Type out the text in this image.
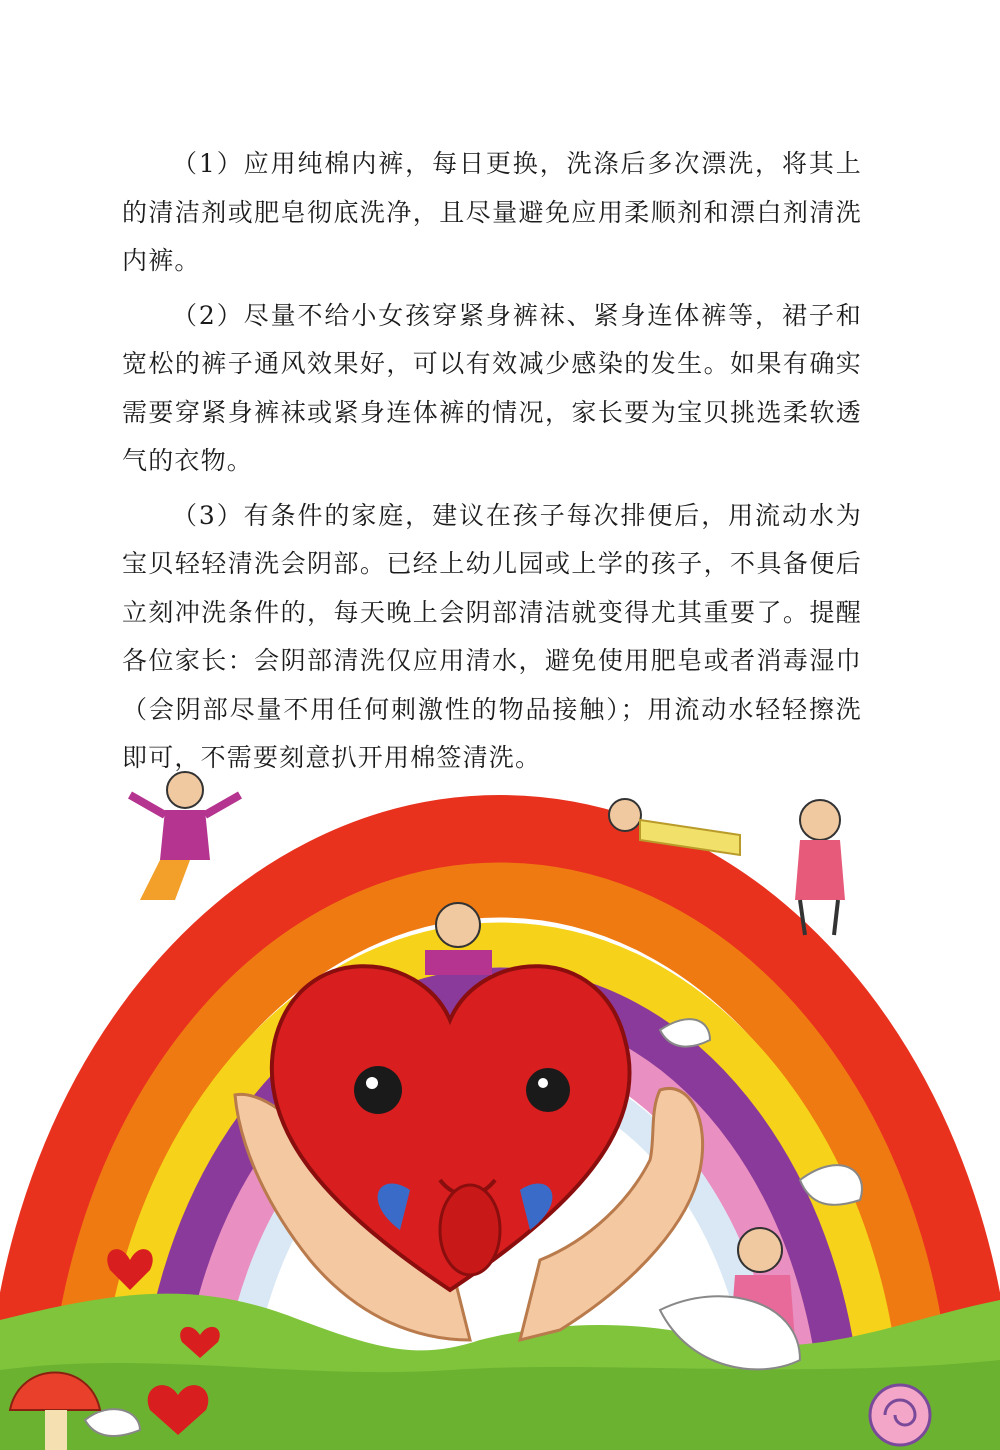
（1）应用纯棉内裤，每日更换，洗涤后多次漂洗，将其上的清洁剂或肥皂彻底洗净，且尽量避免应用柔顺剂和漂白剂清洗内裤。

（2）尽量不给小女孩穿紧身裤袜、紧身连体裤等，裙子和宽松的裤子通风效果好，可以有效减少感染的发生。如果有确实需要穿紧身裤袜或紧身连体裤的情况，家长要为宝贝挑选柔软透气的衣物。

（3）有条件的家庭，建议在孩子每次排便后，用流动水为宝贝轻轻清洗会阴部。已经上幼儿园或上学的孩子，不具备便后立刻冲洗条件的，每天晚上会阴部清洁就变得尤其重要了。提醒各位家长：会阴部清洗仅应用清水，避免使用肥皂或者消毒湿巾（会阴部尽量不用任何刺激性的物品接触）；用流动水轻轻擦洗即可，不需要刻意扒开用棉签清洗。
